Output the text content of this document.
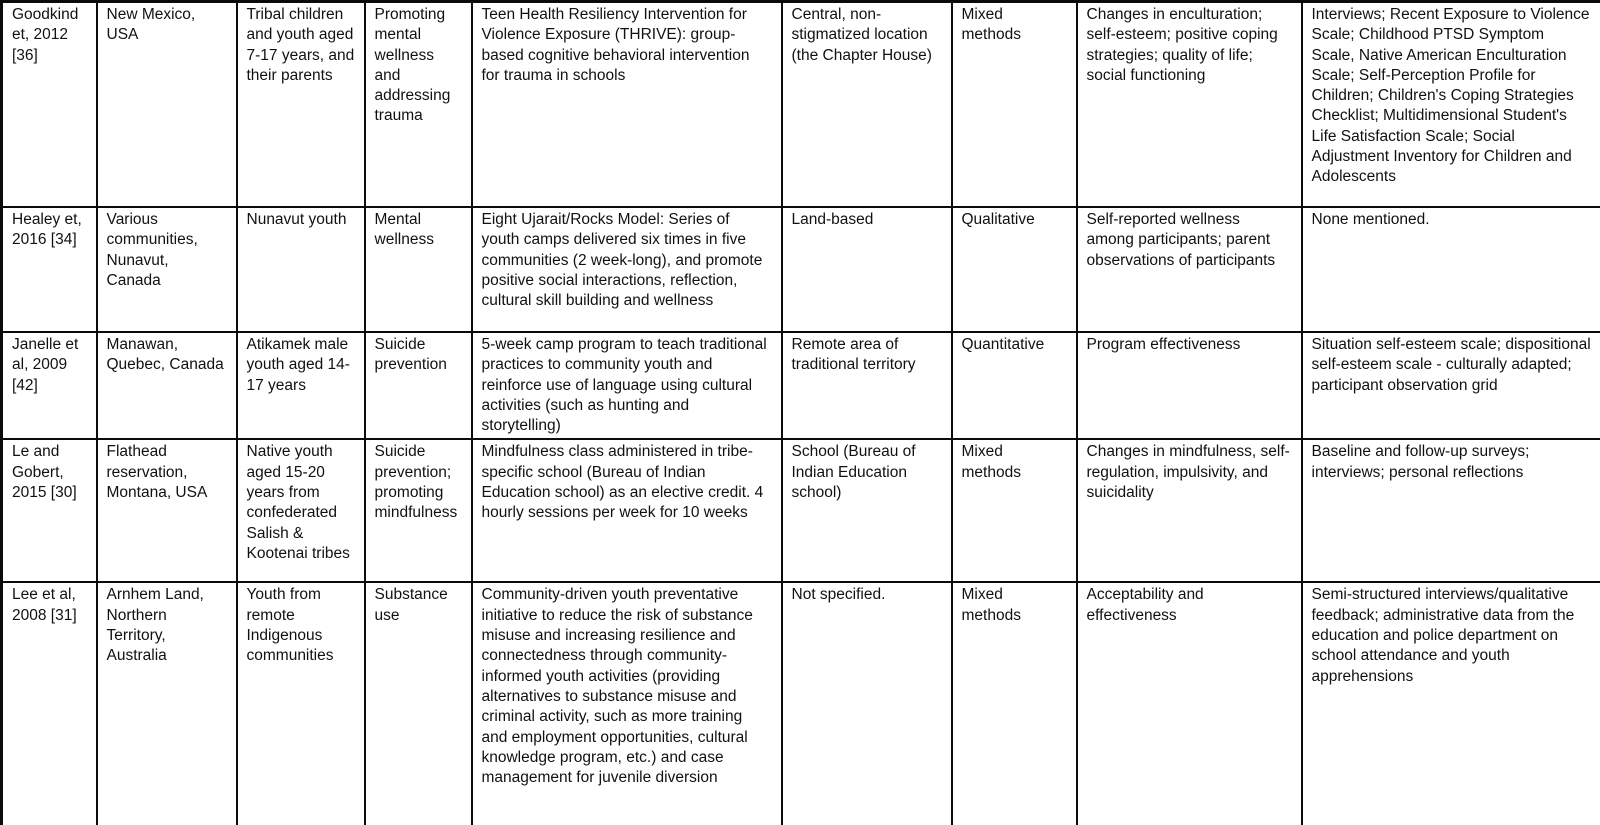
Goodkind et, 2012 [36]	New Mexico, USA	Tribal children and youth aged 7-17 years, and their parents	Promoting mental wellness and addressing trauma	Teen Health Resiliency Intervention for Violence Exposure (THRIVE): group-based cognitive behavioral intervention for trauma in schools	Central, non-stigmatized location (the Chapter House)	Mixed methods	Changes in enculturation; self-esteem; positive coping strategies; quality of life; social functioning	Interviews; Recent Exposure to Violence Scale; Childhood PTSD Symptom Scale, Native American Enculturation Scale; Self-Perception Profile for Children; Children's Coping Strategies Checklist; Multidimensional Student's Life Satisfaction Scale; Social Adjustment Inventory for Children and Adolescents
Healey et, 2016 [34]	Various communities, Nunavut, Canada	Nunavut youth	Mental wellness	Eight Ujarait/Rocks Model: Series of youth camps delivered six times in five communities (2 week-long), and promote positive social interactions, reflection, cultural skill building and wellness	Land-based	Qualitative	Self-reported wellness among participants; parent observations of participants	None mentioned.
Janelle et al, 2009 [42]	Manawan, Quebec, Canada	Atikamek male youth aged 14-17 years	Suicide prevention	5-week camp program to teach traditional practices to community youth and reinforce use of language using cultural activities (such as hunting and storytelling)	Remote area of traditional territory	Quantitative	Program effectiveness	Situation self-esteem scale; dispositional self-esteem scale - culturally adapted; participant observation grid
Le and Gobert, 2015 [30]	Flathead reservation, Montana, USA	Native youth aged 15-20 years from confederated Salish & Kootenai tribes	Suicide prevention; promoting mindfulness	Mindfulness class administered in tribe-specific school (Bureau of Indian Education school) as an elective credit. 4 hourly sessions per week for 10 weeks	School (Bureau of Indian Education school)	Mixed methods	Changes in mindfulness, self-regulation, impulsivity, and suicidality	Baseline and follow-up surveys; interviews; personal reflections
Lee et al, 2008 [31]	Arnhem Land, Northern Territory, Australia	Youth from remote Indigenous communities	Substance use	Community-driven youth preventative initiative to reduce the risk of substance misuse and increasing resilience and connectedness through community-informed youth activities (providing alternatives to substance misuse and criminal activity, such as more training and employment opportunities, cultural knowledge program, etc.) and case management for juvenile diversion	Not specified.	Mixed methods	Acceptability and effectiveness	Semi-structured interviews/qualitative feedback; administrative data from the education and police department on school attendance and youth apprehensions
